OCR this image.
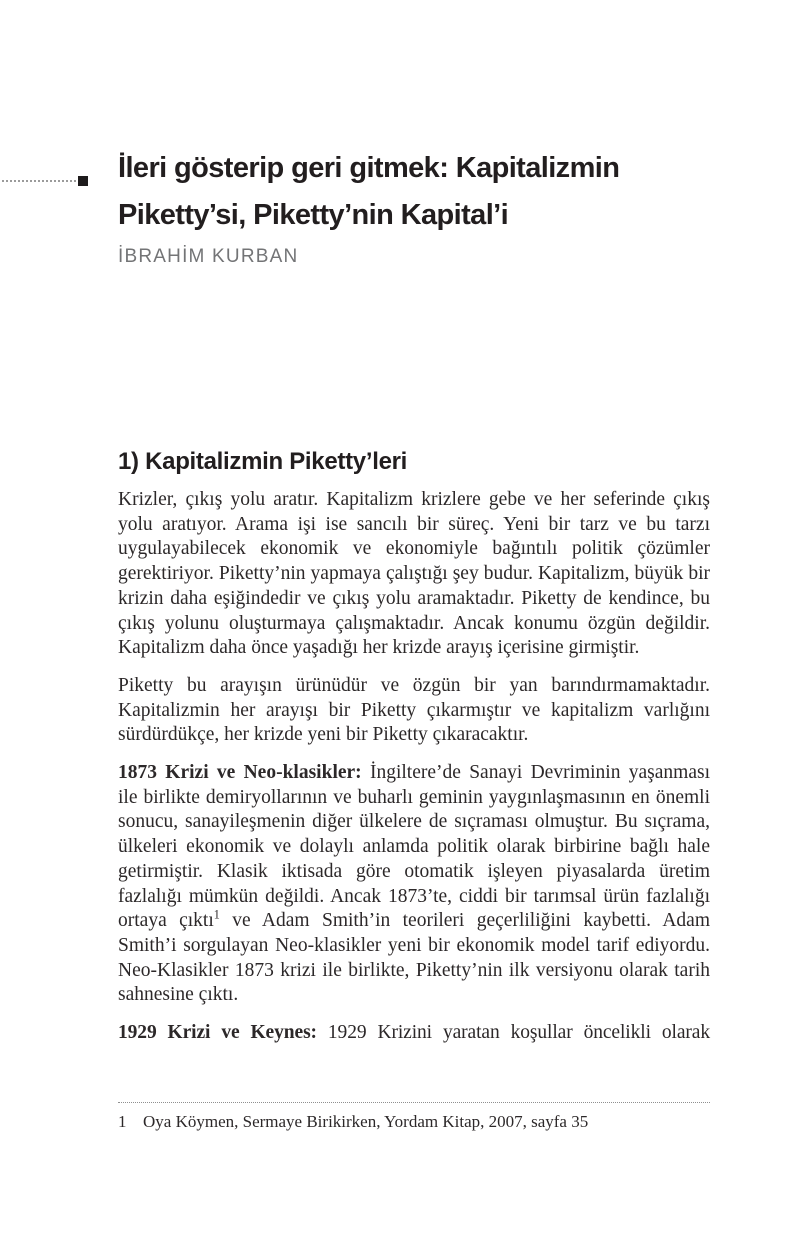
İleri gösterip geri gitmek: Kapitalizmin
Piketty’si, Piketty’nin Kapital’i
İBRAHİM KURBAN
1) Kapitalizmin Piketty’leri

Krizler, çıkış yolu aratır. Kapitalizm krizlere gebe ve her seferinde çıkış yolu aratıyor. Arama işi ise sancılı bir süreç. Yeni bir tarz ve bu tarzı uygulayabilecek ekonomik ve ekonomiyle bağıntılı politik çözümler gerektiriyor. Piketty’nin yapmaya çalıştığı şey budur. Kapitalizm, büyük bir krizin daha eşiğindedir ve çıkış yolu aramaktadır. Piketty de kendince, bu çıkış yolunu oluşturmaya çalışmaktadır. Ancak konumu özgün değildir. Kapitalizm daha önce yaşadığı her krizde arayış içerisine girmiştir.

Piketty bu arayışın ürünüdür ve özgün bir yan barındırmamaktadır. Kapitalizmin her arayışı bir Piketty çıkarmıştır ve kapitalizm varlığını sürdürdükçe, her krizde yeni bir Piketty çıkaracaktır.

1873 Krizi ve Neo-klasikler: İngiltere’de Sanayi Devriminin yaşanması ile birlikte demiryollarının ve buharlı geminin yaygınlaşmasının en önemli sonucu, sanayileşmenin diğer ülkelere de sıçraması olmuştur. Bu sıçrama, ülkeleri ekonomik ve dolaylı anlamda politik olarak birbirine bağlı hale getirmiştir. Klasik iktisada göre otomatik işleyen piyasalarda üretim fazlalığı mümkün değildi. Ancak 1873’te, ciddi bir tarımsal ürün fazlalığı ortaya çıktı$^1$ ve Adam Smith’in teorileri geçerliliğini kaybetti. Adam Smith’i sorgulayan Neo-klasikler yeni bir ekonomik model tarif ediyordu. Neo-Klasikler 1873 krizi ile birlikte, Piketty’nin ilk versiyonu olarak tarih sahnesine çıktı.

1929 Krizi ve Keynes: 1929 Krizini yaratan koşullar öncelikli olarak

1 Oya Köymen, Sermaye Birikirken, Yordam Kitap, 2007, sayfa 35
